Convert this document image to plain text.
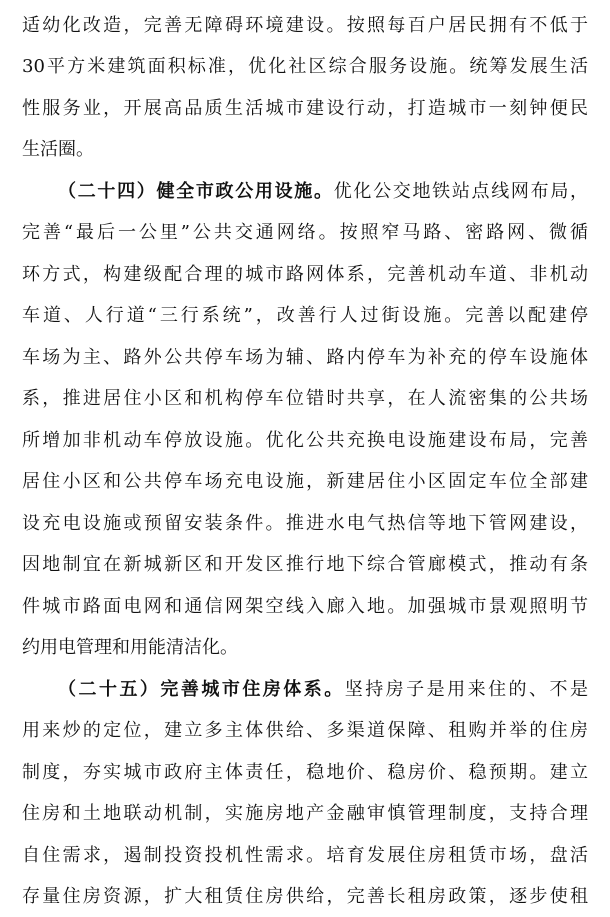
适幼化改造，完善无障碍环境建设。按照每百户居民拥有不低于
30平方米建筑面积标准，优化社区综合服务设施。统筹发展生活
性服务业，开展高品质生活城市建设行动，打造城市一刻钟便民
生活圈。
（二十四）健全市政公用设施。优化公交地铁站点线网布局，
完善“最后一公里”公共交通网络。按照窄马路、密路网、微循
环方式，构建级配合理的城市路网体系，完善机动车道、非机动
车道、人行道“三行系统”，改善行人过街设施。完善以配建停
车场为主、路外公共停车场为辅、路内停车为补充的停车设施体
系，推进居住小区和机构停车位错时共享，在人流密集的公共场
所增加非机动车停放设施。优化公共充换电设施建设布局，完善
居住小区和公共停车场充电设施，新建居住小区固定车位全部建
设充电设施或预留安装条件。推进水电气热信等地下管网建设，
因地制宜在新城新区和开发区推行地下综合管廊模式，推动有条
件城市路面电网和通信网架空线入廊入地。加强城市景观照明节
约用电管理和用能清洁化。
（二十五）完善城市住房体系。坚持房子是用来住的、不是
用来炒的定位，建立多主体供给、多渠道保障、租购并举的住房
制度，夯实城市政府主体责任，稳地价、稳房价、稳预期。建立
住房和土地联动机制，实施房地产金融审慎管理制度，支持合理
自住需求，遏制投资投机性需求。培育发展住房租赁市场，盘活
存量住房资源，扩大租赁住房供给，完善长租房政策，逐步使租
